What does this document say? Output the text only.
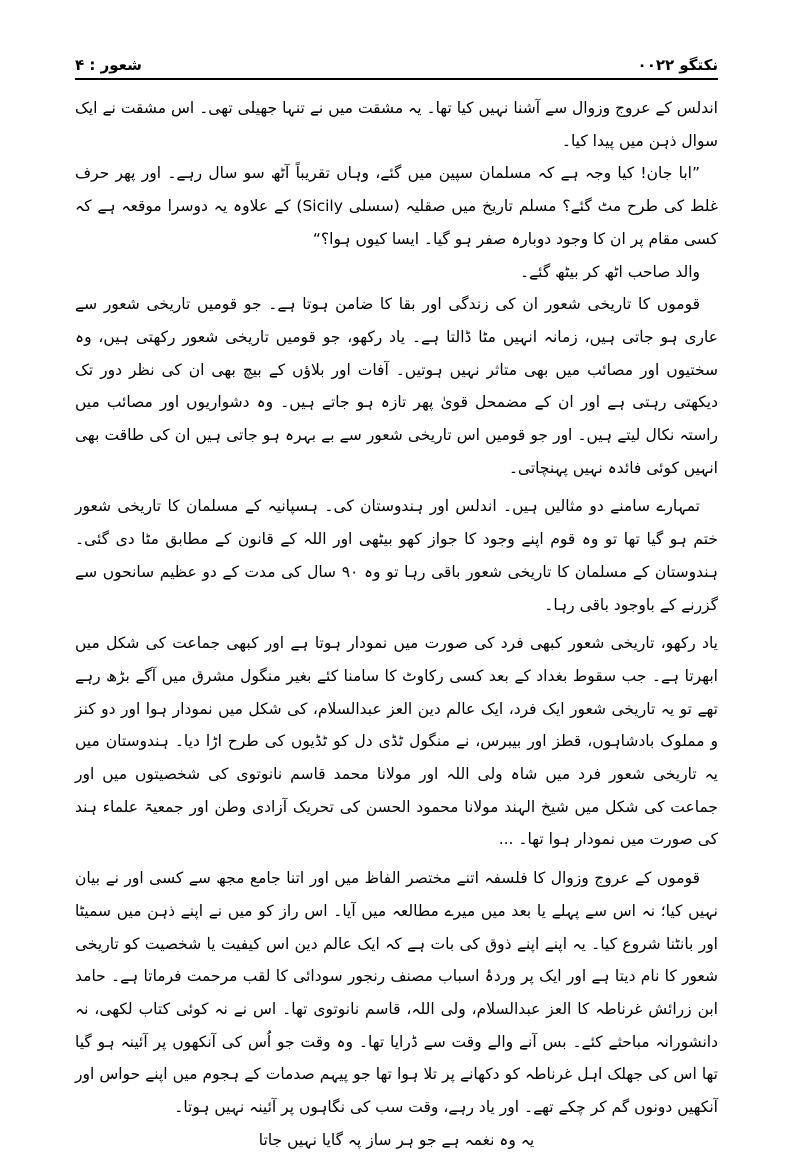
شعور : ۴	نکتگو ۰۰۲۲

اندلس کے عروج وزوال سے آشنا نہیں کیا تھا۔ یہ مشقت میں نے تنہا جھیلی تھی۔ اس مشقت نے ایک سوال ذہن میں پیدا کیا۔

”ابا جان! کیا وجہ ہے کہ مسلمان سپین میں گئے، وہاں تقریباً آٹھ سو سال رہے۔ اور پھر حرف غلط کی طرح مٹ گئے؟ مسلم تاریخ میں صقلیہ (سسلی Sicily) کے علاوہ یہ دوسرا موقعہ ہے کہ کسی مقام پر ان کا وجود دوبارہ صفر ہو گیا۔ ایسا کیوں ہوا؟“

والد صاحب اٹھ کر بیٹھ گئے۔

قوموں کا تاریخی شعور ان کی زندگی اور بقا کا ضامن ہوتا ہے۔ جو قومیں تاریخی شعور سے عاری ہو جاتی ہیں، زمانہ انہیں مٹا ڈالتا ہے۔ یاد رکھو، جو قومیں تاریخی شعور رکھتی ہیں، وہ سختیوں اور مصائب میں بھی متاثر نہیں ہوتیں۔ آفات اور بلاؤں کے بیچ بھی ان کی نظر دور تک دیکھتی رہتی ہے اور ان کے مضمحل قویٰ پھر تازہ ہو جاتے ہیں۔ وہ دشواریوں اور مصائب میں راستہ نکال لیتے ہیں۔ اور جو قومیں اس تاریخی شعور سے بے بہرہ ہو جاتی ہیں ان کی طاقت بھی انہیں کوئی فائدہ نہیں پہنچاتی۔

تمہارے سامنے دو مثالیں ہیں۔ اندلس اور ہندوستان کی۔ ہسپانیہ کے مسلمان کا تاریخی شعور ختم ہو گیا تھا تو وہ قوم اپنے وجود کا جواز کھو بیٹھی اور اللہ کے قانون کے مطابق مٹا دی گئی۔ ہندوستان کے مسلمان کا تاریخی شعور باقی رہا تو وہ ۹۰ سال کی مدت کے دو عظیم سانحوں سے گزرنے کے باوجود باقی رہا۔

یاد رکھو، تاریخی شعور کبھی فرد کی صورت میں نمودار ہوتا ہے اور کبھی جماعت کی شکل میں ابھرتا ہے۔ جب سقوط بغداد کے بعد کسی رکاوٹ کا سامنا کئے بغیر منگول مشرق میں آگے بڑھ رہے تھے تو یہ تاریخی شعور ایک فرد، ایک عالم دین العز عبدالسلام، کی شکل میں نمودار ہوا اور دو کنز و مملوک بادشاہوں، قطز اور بیبرس، نے منگول ٹڈی دل کو ٹڈیوں کی طرح اڑا دیا۔ ہندوستان میں یہ تاریخی شعور فرد میں شاہ ولی اللہ اور مولانا محمد قاسم نانوتوی کی شخصیتوں میں اور جماعت کی شکل میں شیخ الہند مولانا محمود الحسن کی تحریک آزادی وطن اور جمعیۃ علماء ہند کی صورت میں نمودار ہوا تھا۔ ...

قوموں کے عروج وزوال کا فلسفہ اتنے مختصر الفاظ میں اور اتنا جامع مجھ سے کسی اور نے بیان نہیں کیا؛ نہ اس سے پہلے یا بعد میں میرے مطالعہ میں آیا۔ اس راز کو میں نے اپنے ذہن میں سمیٹا اور بانٹنا شروع کیا۔ یہ اپنے اپنے ذوق کی بات ہے کہ ایک عالم دین اس کیفیت یا شخصیت کو تاریخی شعور کا نام دیتا ہے اور ایک پر وردۂ اسباب مصنف رنجور سودائی کا لقب مرحمت فرماتا ہے۔ حامد ابن زرائش غرناطہ کا العز عبدالسلام، ولی اللہ، قاسم نانوتوی تھا۔ اس نے نہ کوئی کتاب لکھی، نہ دانشورانہ مباحثے کئے۔ بس آنے والے وقت سے ڈرایا تھا۔ وہ وقت جو اُس کی آنکھوں پر آئینہ ہو گیا تھا اس کی جھلک اہل غرناطہ کو دکھانے پر تلا ہوا تھا جو پیہم صدمات کے ہجوم میں اپنے حواس اور آنکھیں دونوں گم کر چکے تھے۔ اور یاد رہے، وقت سب کی نگاہوں پر آئینہ نہیں ہوتا۔

یہ وہ نغمہ ہے جو ہر ساز پہ گایا نہیں جاتا
